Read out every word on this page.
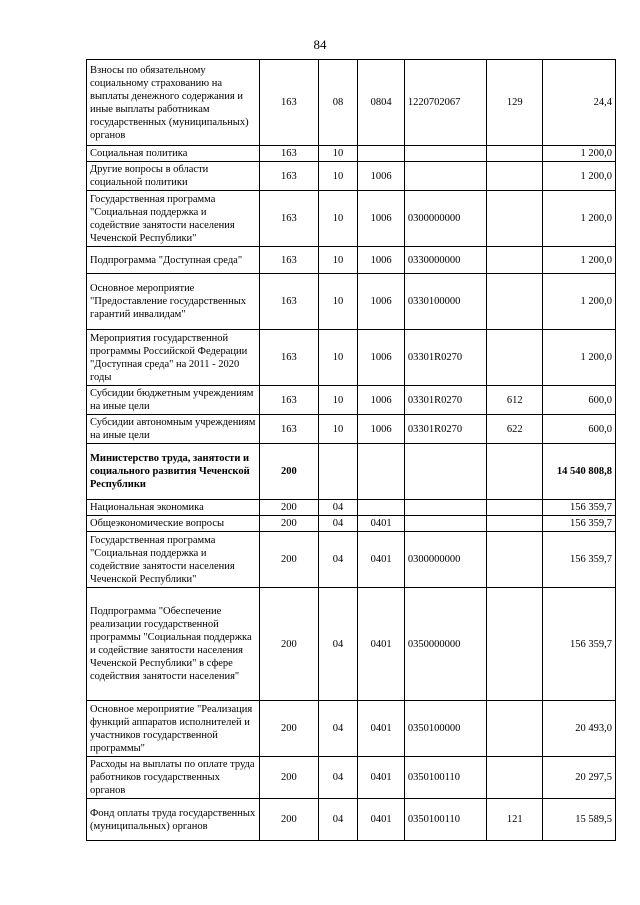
84
Взносы по обязательному социальному страхованию на выплаты денежного содержания и иные выплаты работникам государственных (муниципальных) органов	163	08	0804	1220702067	129	24,4
Социальная политика	163	10				1 200,0
Другие вопросы в области социальной политики	163	10	1006			1 200,0
Государственная программа "Социальная поддержка и содействие занятости населения Чеченской Республики"	163	10	1006	0300000000		1 200,0
Подпрограмма "Доступная среда"	163	10	1006	0330000000		1 200,0
Основное мероприятие "Предоставление государственных гарантий инвалидам"	163	10	1006	0330100000		1 200,0
Мероприятия государственной программы Российской Федерации "Доступная среда" на 2011 - 2020 годы	163	10	1006	03301R0270		1 200,0
Субсидии бюджетным учреждениям на иные цели	163	10	1006	03301R0270	612	600,0
Субсидии автономным учреждениям на иные цели	163	10	1006	03301R0270	622	600,0
Министерство труда, занятости и социального развития Чеченской Республики	200					14 540 808,8
Национальная экономика	200	04				156 359,7
Общеэкономические вопросы	200	04	0401			156 359,7
Государственная программа "Социальная поддержка и содействие занятости населения Чеченской Республики"	200	04	0401	0300000000		156 359,7
Подпрограмма "Обеспечение реализации государственной программы "Социальная поддержка и содействие занятости населения Чеченской Республики" в сфере содействия занятости населения"	200	04	0401	0350000000		156 359,7
Основное мероприятие "Реализация функций аппаратов исполнителей и участников государственной программы"	200	04	0401	0350100000		20 493,0
Расходы на выплаты по оплате труда работников государственных органов	200	04	0401	0350100110		20 297,5
Фонд оплаты труда государственных (муниципальных) органов	200	04	0401	0350100110	121	15 589,5
